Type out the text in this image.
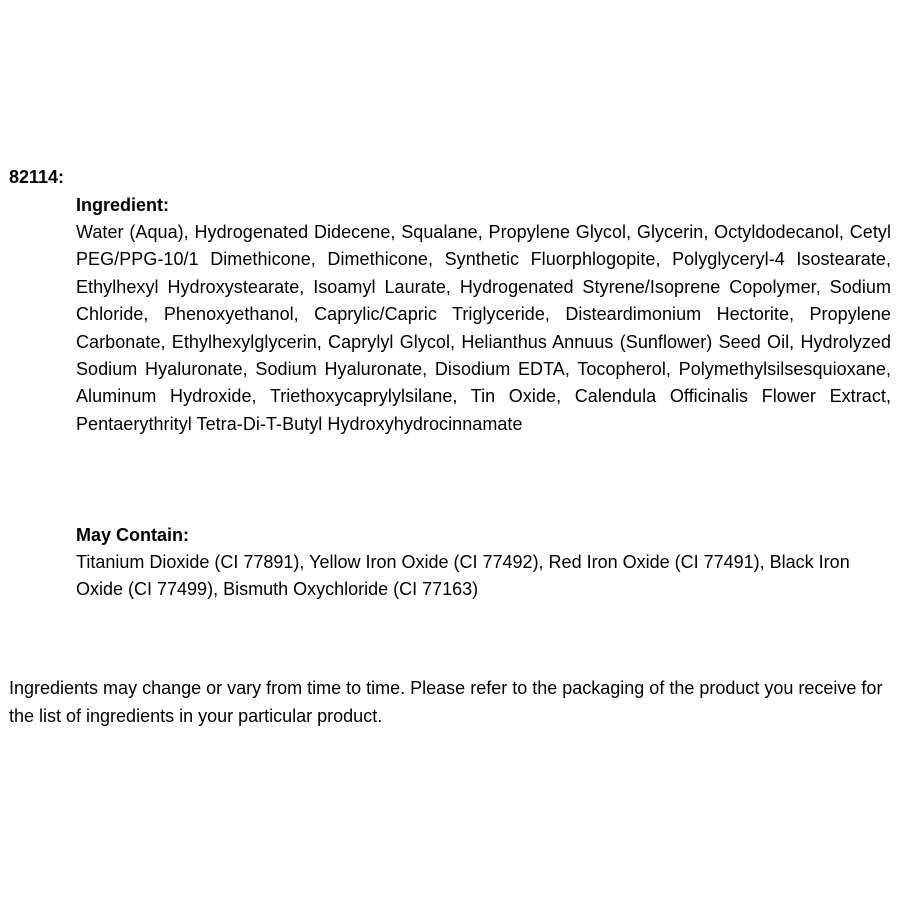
82114:

Ingredient:

Water (Aqua), Hydrogenated Didecene, Squalane, Propylene Glycol, Glycerin, Octyldodecanol, Cetyl PEG/PPG-10/1 Dimethicone, Dimethicone, Synthetic Fluorphlogopite, Polyglyceryl-4 Isostearate, Ethylhexyl Hydroxystearate, Isoamyl Laurate, Hydrogenated Styrene/Isoprene Copolymer, Sodium Chloride, Phenoxyethanol, Caprylic/Capric Triglyceride, Disteardimonium Hectorite, Propylene Carbonate, Ethylhexylglycerin, Caprylyl Glycol, Helianthus Annuus (Sunflower) Seed Oil, Hydrolyzed Sodium Hyaluronate, Sodium Hyaluronate, Disodium EDTA, Tocopherol, Polymethylsilsesquioxane, Aluminum Hydroxide, Triethoxycaprylylsilane, Tin Oxide, Calendula Officinalis Flower Extract, Pentaerythrityl Tetra-Di-T-Butyl Hydroxyhydrocinnamate

May Contain:

Titanium Dioxide (CI 77891), Yellow Iron Oxide (CI 77492), Red Iron Oxide (CI 77491), Black Iron Oxide (CI 77499), Bismuth Oxychloride (CI 77163)

Ingredients may change or vary from time to time. Please refer to the packaging of the product you receive for the list of ingredients in your particular product.
